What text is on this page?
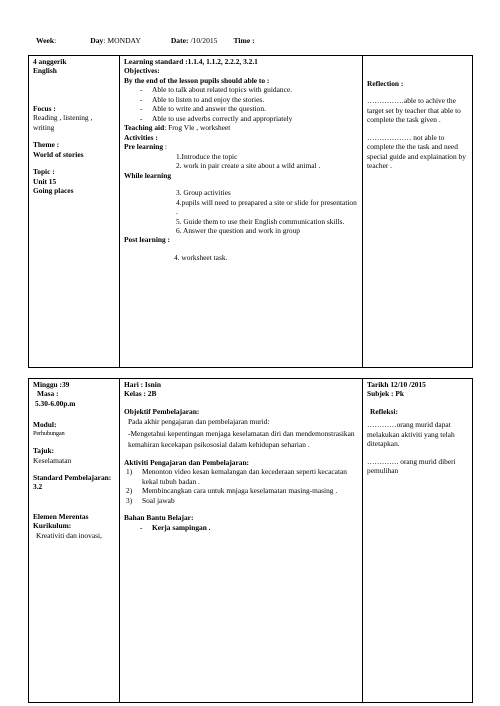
Week:	Day: MONDAY	Date: /10/2015 Time :
4 anggerik
English
Focus :
Reading , listening , writing
Theme :
World of stories
Topic :
Unit 15
Going places

Learning standard :1.1.4, 1.1.2, 2.2.2, 3.2.1
Objectives:
By the end of the lesson pupils should able to :
- Able to talk about related topics with guidance.
- Able to listen to and enjoy the stories.
- Able to write and answer the question.
- Able to use adverbs correctly and appropriately
Teaching aid: Frog Vle , worksheet
Activities :
Pre learning :
1.Introduce the topic
2. work in pair create a site about a wild animal .
While learning
3. Group activities
4.pupils will need to preapared a site or slide for presentation .
5. Guide them to use their English communication skills.
6. Answer the question and work in group
Post learning :
4. worksheet task.

Reflection :
……………able to achive the target set by teacher that able to complete the task given .
……………… not able to complete the the task and need special guide and explaination by teacher .
Minggu :39
Masa :
5.30-6.00p.m
Modul:
Perhubungan
Tajuk:
Keselamatan
Standard Pembelajaran:
3.2
Elemen Merentas Kurikulum:
Kreativiti dan inovasi,

Hari : Isnin
Kelas : 2B
Objektif Pembelajaran:
Pada akhir pengajaran dan pembelajaran murid:
-Mengetahui kepentingan menjaga keselamatan diri dan mendemonstrasikan kemahiran kecekapan psikososial dalam kehidupan seharian .
Aktiviti Pengajaran dan Pembelajaran:
1) Menonton video kesan kemalangan dan kecederaan seperti kecacatan kekal tubuh badan .
2) Membincangkan cara untuk mnjaga keselamatan masing-masing .
3) Soal jawab
Bahan Bantu Belajar:
- Kerja sampingan .

Tarikh 12/10 /2015
Subjek : Pk
Refleksi:
…………orang murid dapat melakukan aktiviti yang telah ditetapkan.
…………. orang murid diberi pemulihan
